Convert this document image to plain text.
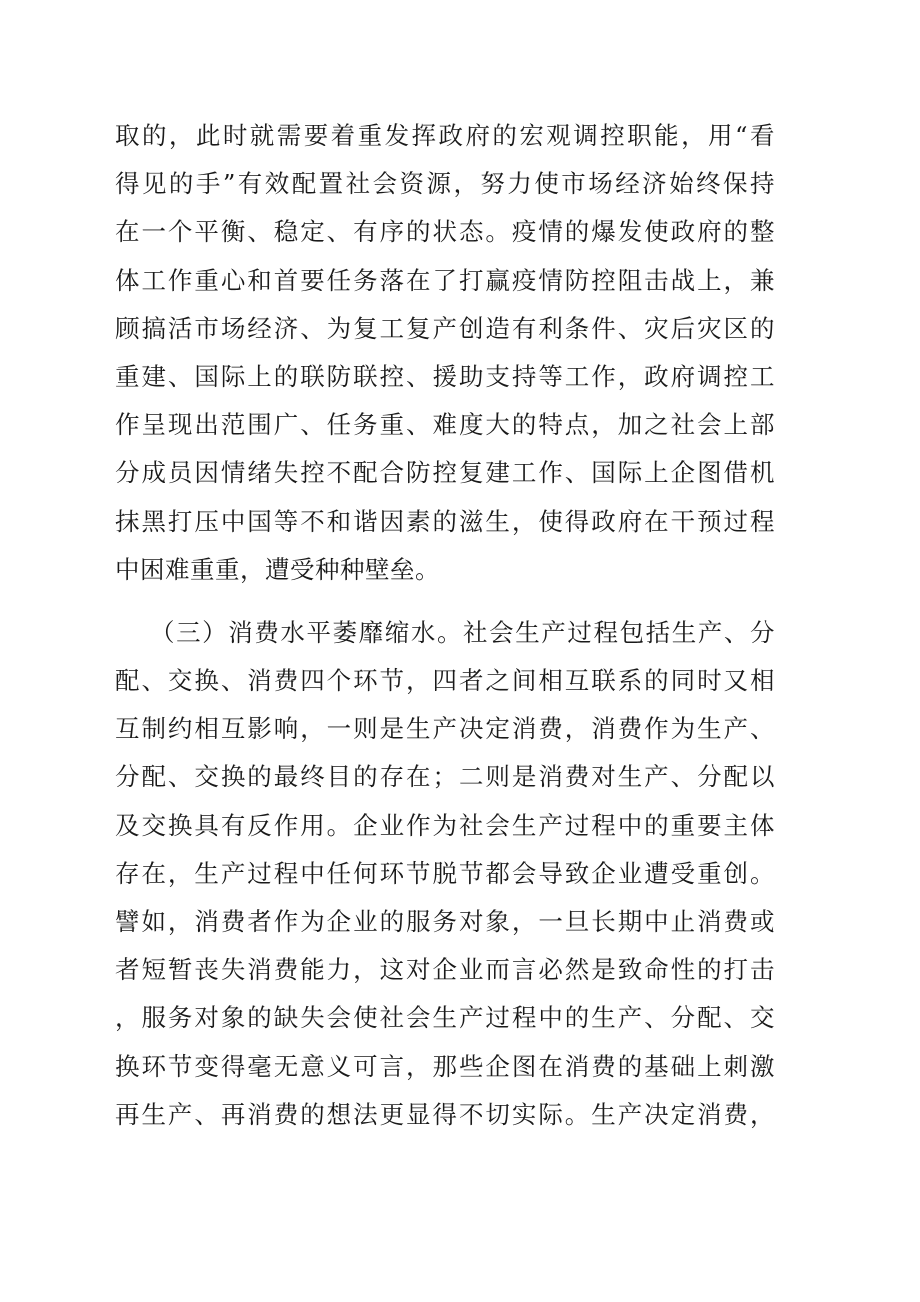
取的，此时就需要着重发挥政府的宏观调控职能，用“看
得见的手”有效配置社会资源，努力使市场经济始终保持
在一个平衡、稳定、有序的状态。疫情的爆发使政府的整
体工作重心和首要任务落在了打赢疫情防控阻击战上，兼
顾搞活市场经济、为复工复产创造有利条件、灾后灾区的
重建、国际上的联防联控、援助支持等工作，政府调控工
作呈现出范围广、任务重、难度大的特点，加之社会上部
分成员因情绪失控不配合防控复建工作、国际上企图借机
抹黑打压中国等不和谐因素的滋生，使得政府在干预过程
中困难重重，遭受种种壁垒。
（三）消费水平萎靡缩水。社会生产过程包括生产、分
配、交换、消费四个环节，四者之间相互联系的同时又相
互制约相互影响，一则是生产决定消费，消费作为生产、
分配、交换的最终目的存在；二则是消费对生产、分配以
及交换具有反作用。企业作为社会生产过程中的重要主体
存在，生产过程中任何环节脱节都会导致企业遭受重创。
譬如，消费者作为企业的服务对象，一旦长期中止消费或
者短暂丧失消费能力，这对企业而言必然是致命性的打击
，服务对象的缺失会使社会生产过程中的生产、分配、交
换环节变得毫无意义可言，那些企图在消费的基础上刺激
再生产、再消费的想法更显得不切实际。生产决定消费，
